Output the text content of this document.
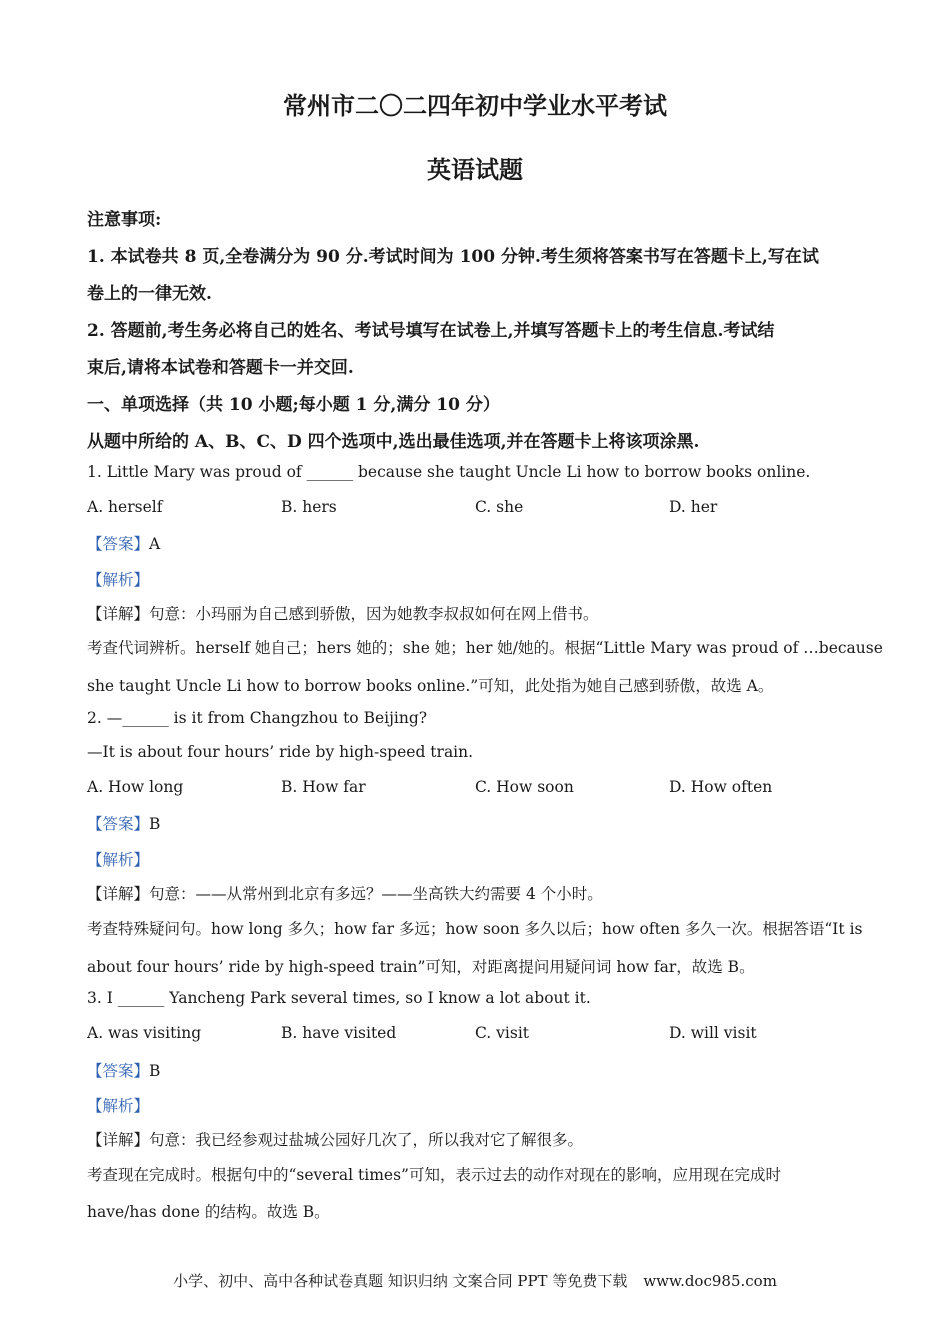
常州市二〇二四年初中学业水平考试
英语试题
注意事项:
1. 本试卷共 8 页,全卷满分为 90 分.考试时间为 100 分钟.考生须将答案书写在答题卡上,写在试
卷上的一律无效.
2. 答题前,考生务必将自己的姓名、考试号填写在试卷上,并填写答题卡上的考生信息.考试结
束后,请将本试卷和答题卡一并交回.
一、单项选择（共 10 小题;每小题 1 分,满分 10 分）
从题中所给的 A、B、C、D 四个选项中,选出最佳选项,并在答题卡上将该项涂黑.
1. Little Mary was proud of ______ because she taught Uncle Li how to borrow books online.
A. herself	B. hers	C. she	D. her
【答案】A
【解析】
【详解】句意：小玛丽为自己感到骄傲，因为她教李叔叔如何在网上借书。
考查代词辨析。herself 她自己；hers 她的；she 她；her 她/她的。根据“Little Mary was proud of …because
she taught Uncle Li how to borrow books online.”可知，此处指为她自己感到骄傲，故选 A。
2. —______ is it from Changzhou to Beijing?
—It is about four hours’ ride by high-speed train.
A. How long	B. How far	C. How soon	D. How often
【答案】B
【解析】
【详解】句意：——从常州到北京有多远？——坐高铁大约需要 4 个小时。
考查特殊疑问句。how long 多久；how far 多远；how soon 多久以后；how often 多久一次。根据答语“It is
about four hours’ ride by high-speed train”可知，对距离提问用疑问词 how far，故选 B。
3. I ______ Yancheng Park several times, so I know a lot about it.
A. was visiting	B. have visited	C. visit	D. will visit
【答案】B
【解析】
【详解】句意：我已经参观过盐城公园好几次了，所以我对它了解很多。
考查现在完成时。根据句中的“several times”可知，表示过去的动作对现在的影响，应用现在完成时
have/has done 的结构。故选 B。
小学、初中、高中各种试卷真题 知识归纳 文案合同 PPT 等免费下载 www.doc985.com
